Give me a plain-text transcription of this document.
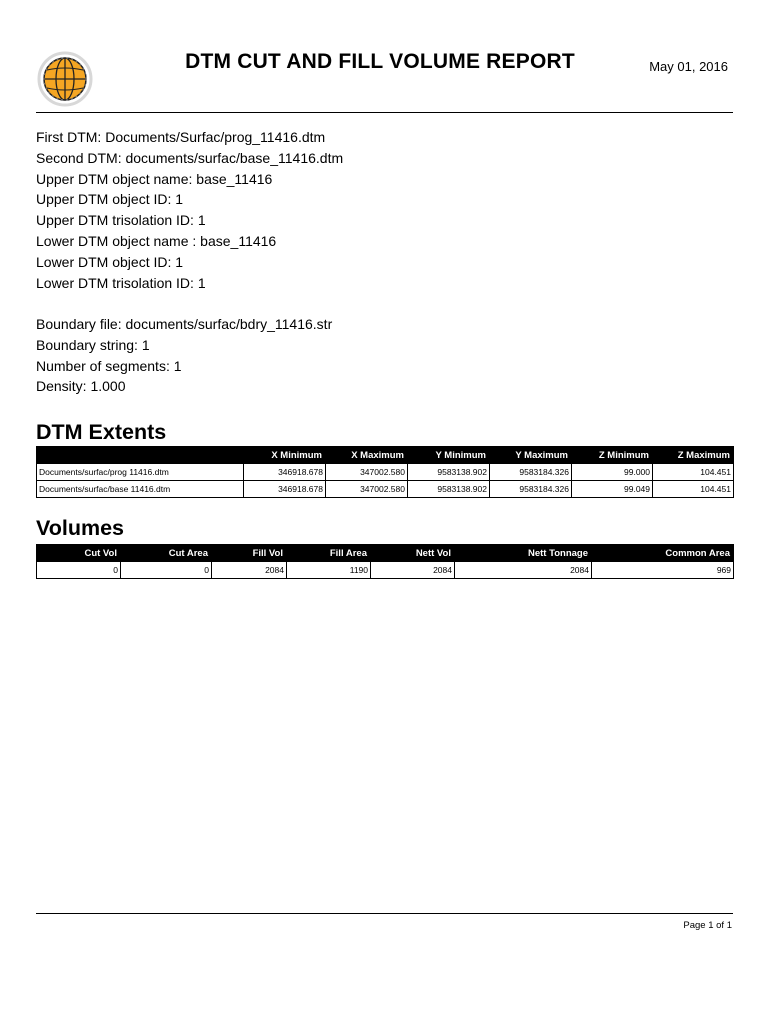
DTM CUT AND FILL VOLUME REPORT	May 01, 2016
First DTM: Documents/Surfac/prog_11416.dtm
Second DTM: documents/surfac/base_11416.dtm
Upper DTM object name: base_11416
Upper DTM object ID: 1
Upper DTM trisolation ID: 1
Lower DTM object name : base_11416
Lower DTM object ID: 1
Lower DTM trisolation ID: 1
Boundary file: documents/surfac/bdry_11416.str
Boundary string: 1
Number of segments: 1
Density: 1.000
DTM Extents
	X Minimum	X Maximum	Y Minimum	Y Maximum	Z Minimum	Z Maximum
Documents/surfac/prog 11416.dtm	346918.678	347002.580	9583138.902	9583184.326	99.000	104.451
Documents/surfac/base 11416.dtm	346918.678	347002.580	9583138.902	9583184.326	99.049	104.451
Volumes
Cut Vol	Cut Area	Fill Vol	Fill Area	Nett Vol	Nett Tonnage	Common Area
0	0	2084	1190	2084	2084	969
Page 1 of 1
